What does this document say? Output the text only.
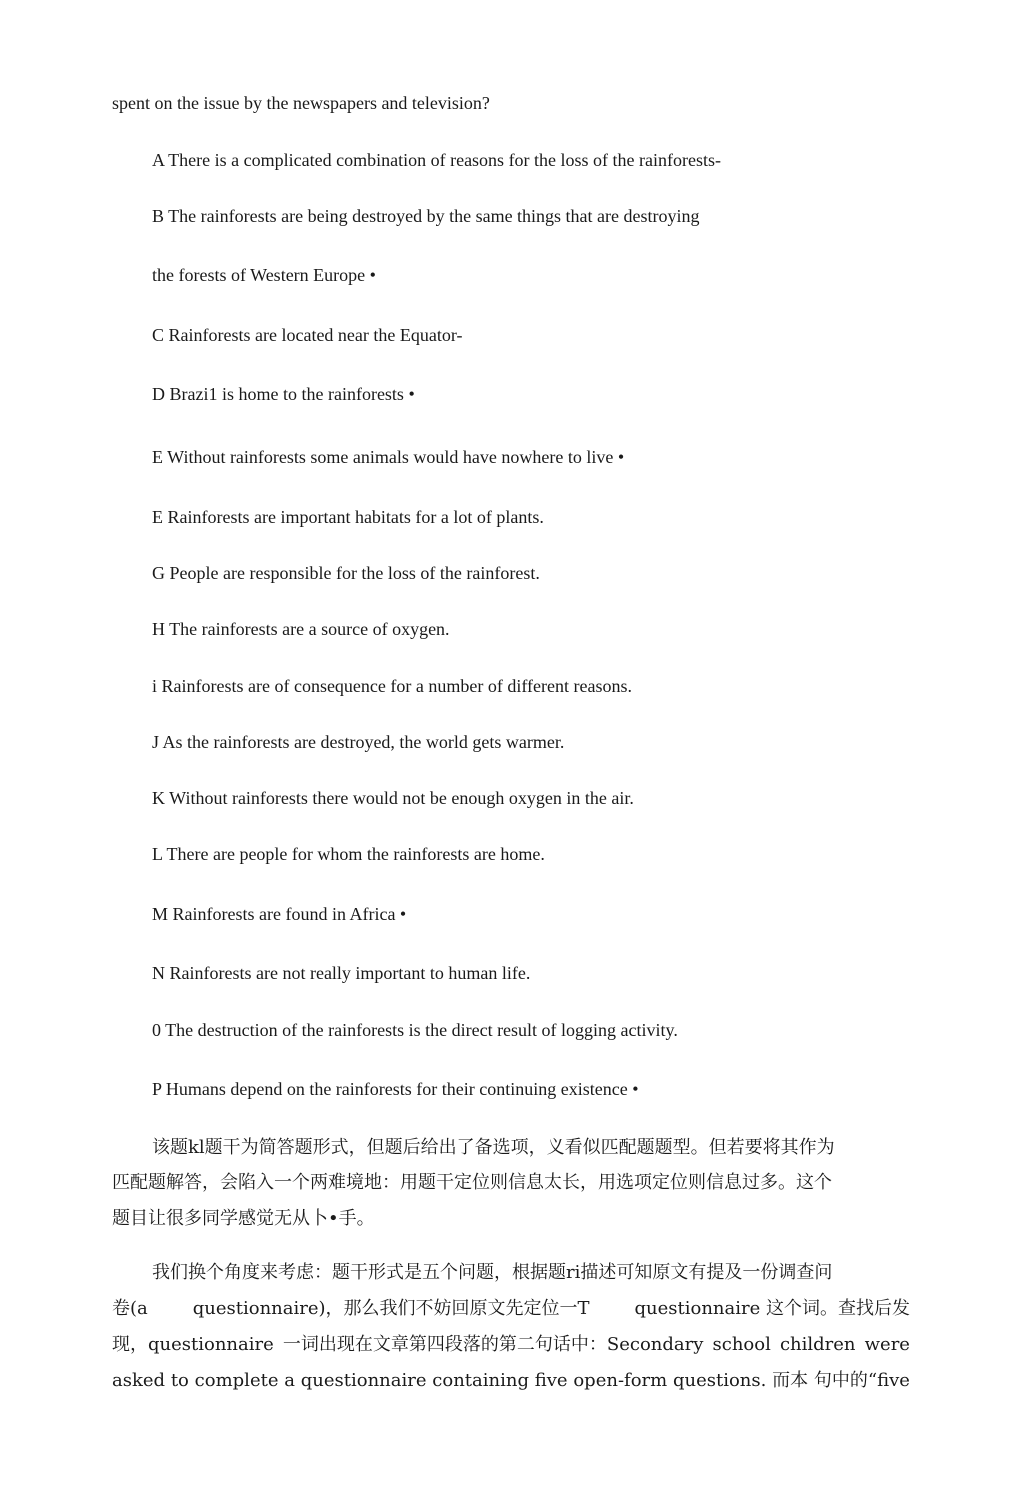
spent on the issue by the newspapers and television?
A There is a complicated combination of reasons for the loss of the rainforests-
B The rainforests are being destroyed by the same things that are destroying
the forests of Western Europe •
C Rainforests are located near the Equator-
D Brazi1 is home to the rainforests •
E Without rainforests some animals would have nowhere to live •
E Rainforests are important habitats for a lot of plants.
G People are responsible for the loss of the rainforest.
H The rainforests are a source of oxygen.
i Rainforests are of consequence for a number of different reasons.
J As the rainforests are destroyed, the world gets warmer.
K Without rainforests there would not be enough oxygen in the air.
L There are people for whom the rainforests are home.
M Rainforests are found in Africa •
N Rainforests are not really important to human life.
0 The destruction of the rainforests is the direct result of logging activity.
P Humans depend on the rainforests for their continuing existence •
该题kl题干为简答题形式，但题后给出了备选项，义看似匹配题题型。但若要将其作为
匹配题解答，会陷入一个两难境地：用题干定位则信息太长，用选项定位则信息过多。这个
题目让很多同学感觉无从卜•手。
我们换个角度来考虑：题干形式是五个问题，根据题ri描述可知原文有提及一份调查问
卷(a questionnaire)，那么我们不妨回原文先定位一T questionnaire 这个词。查找后发
现，questionnaire 一词出现在文章第四段落的第二句话中：Secondary school children were
asked to complete a questionnaire containing five open-form questions. 而本 句中的“five
